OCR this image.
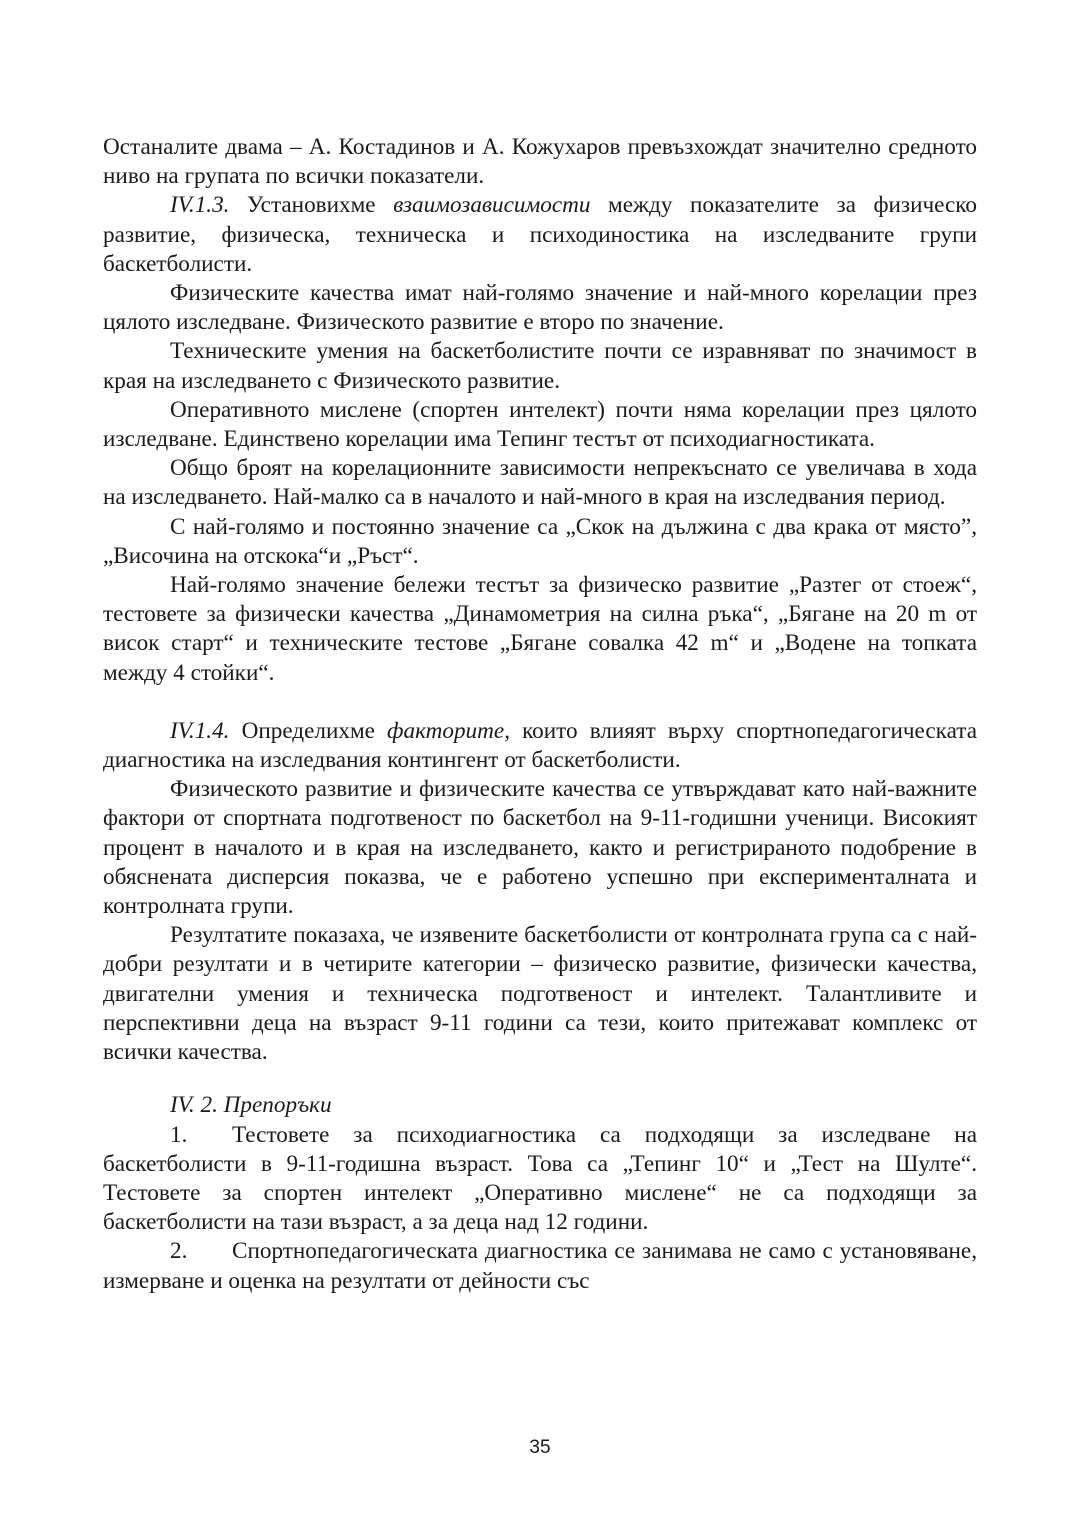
Останалите двама – А. Костадинов и А. Кожухаров превъзхождат значително средното ниво на групата по всички показатели.

IV.1.3. Установихме взаимозависимости между показателите за физическо развитие, физическа, техническа и психодиностика на изследваните групи баскетболисти.

Физическите качества имат най-голямо значение и най-много корелации през цялото изследване. Физическото развитие е второ по значение.

Техническите умения на баскетболистите почти се изравняват по значимост в края на изследването с Физическото развитие.

Оперативното мислене (спортен интелект) почти няма корелации през цялото изследване. Единствено корелации има Тепинг тестът от психодиагностиката.

Общо броят на корелационните зависимости непрекъснато се увеличава в хода на изследването. Най-малко са в началото и най-много в края на изследвания период.

С най-голямо и постоянно значение са „Скок на дължина с два крака от място”, „Височина на отскока“и „Ръст“.

Най-голямо значение бележи тестът за физическо развитие „Разтег от стоеж“, тестовете за физически качества „Динамометрия на силна ръка“, „Бягане на 20 m от висок старт“ и техническите тестове „Бягане совалка 42 m“ и „Водене на топката между 4 стойки“.

IV.1.4. Определихме факторите, които влияят върху спортнопедагогическата диагностика на изследвания контингент от баскетболисти.

Физическото развитие и физическите качества се утвърждават като най-важните фактори от спортната подготвеност по баскетбол на 9-11-годишни ученици. Високият процент в началото и в края на изследването, както и регистрираното подобрение в обяснената дисперсия показва, че е работено успешно при експерименталната и контролната групи.

Резултатите показаха, че изявените баскетболисти от контролната група са с най-добри резултати и в четирите категории – физическо развитие, физически качества, двигателни умения и техническа подготвеност и интелект. Талантливите и перспективни деца на възраст 9-11 години са тези, които притежават комплекс от всички качества.

IV. 2. Препоръки

1. Тестовете за психодиагностика са подходящи за изследване на баскетболисти в 9-11-годишна възраст. Това са „Тепинг 10“ и „Тест на Шулте“. Тестовете за спортен интелект „Оперативно мислене“ не са подходящи за баскетболисти на тази възраст, а за деца над 12 години.

2. Спортнопедагогическата диагностика се занимава не само с установяване, измерване и оценка на резултати от дейности със

35
